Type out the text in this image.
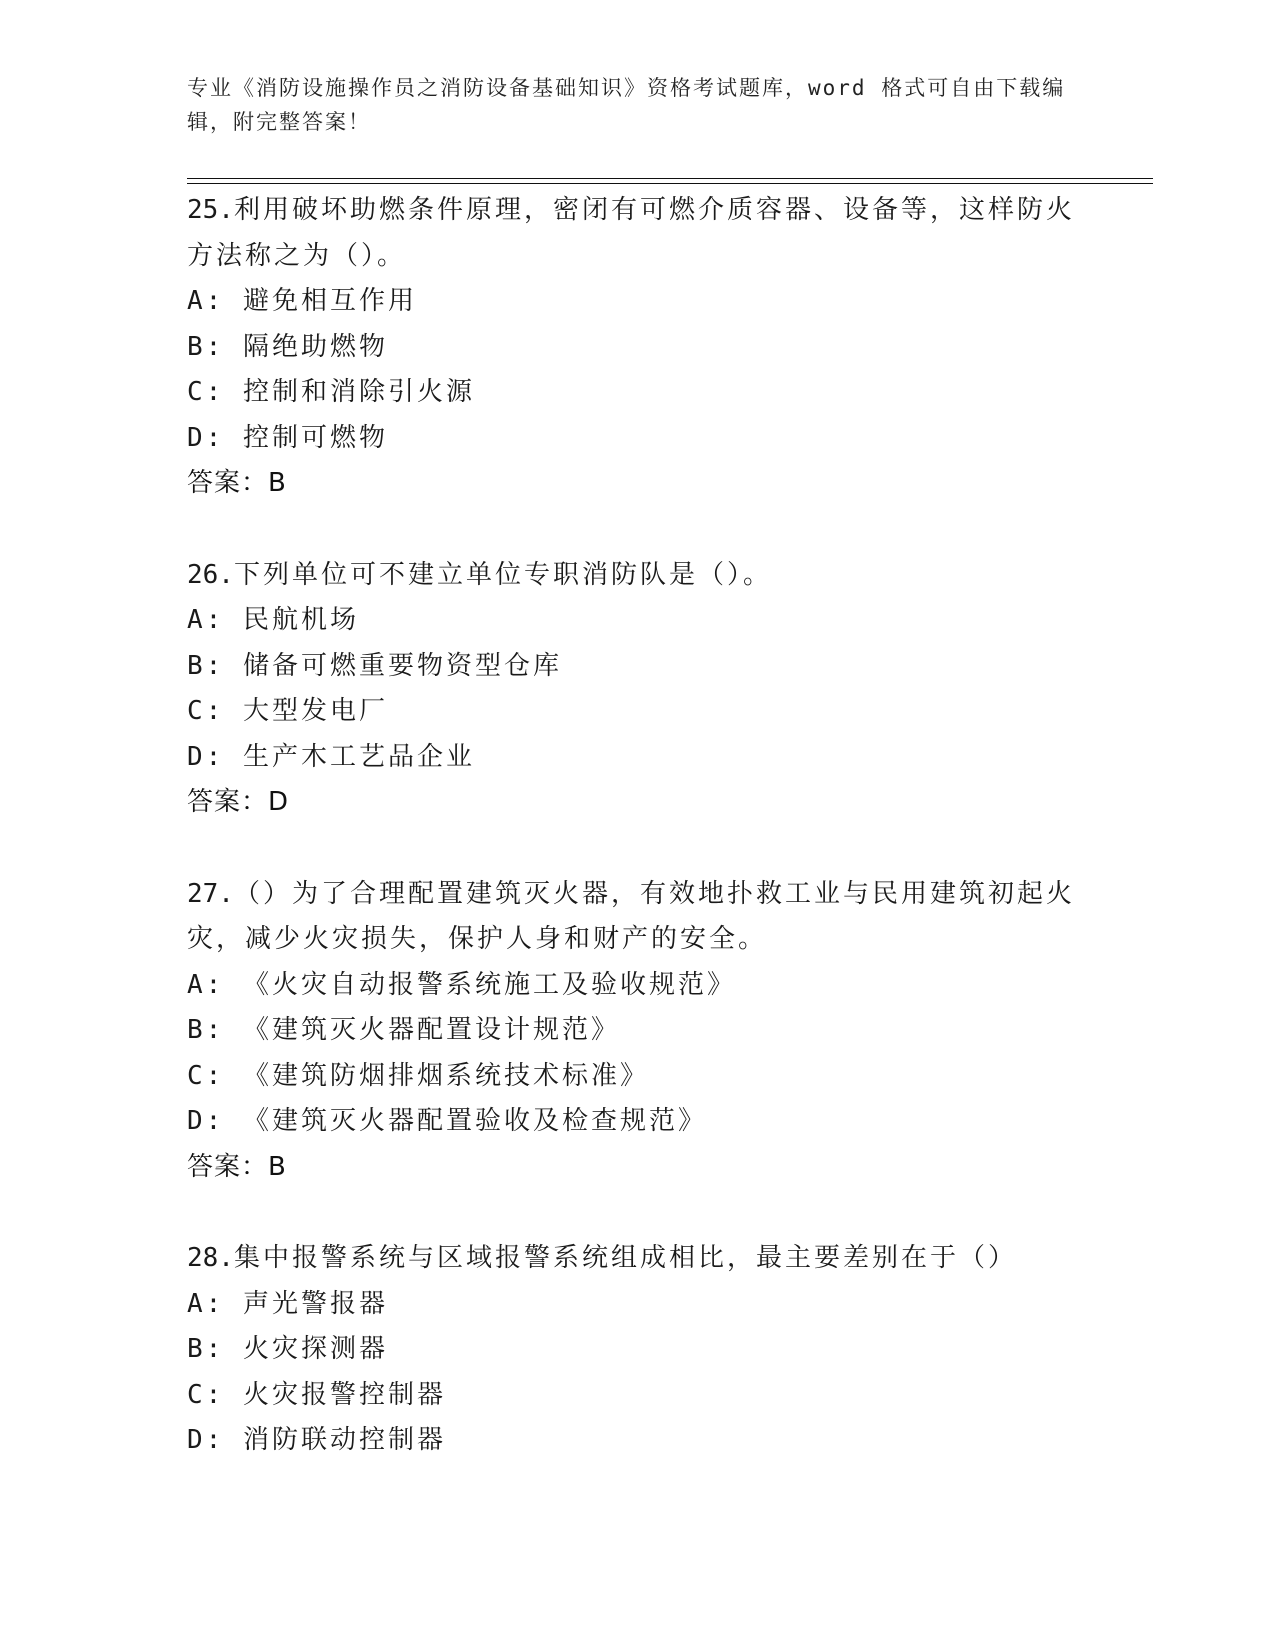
专业《消防设施操作员之消防设备基础知识》资格考试题库，word 格式可自由下载编辑，附完整答案！
25.利用破坏助燃条件原理，密闭有可燃介质容器、设备等，这样防火方法称之为（）。
A: 避免相互作用
B: 隔绝助燃物
C: 控制和消除引火源
D: 控制可燃物
答案：B
26.下列单位可不建立单位专职消防队是（）。
A: 民航机场
B: 储备可燃重要物资型仓库
C: 大型发电厂
D: 生产木工艺品企业
答案：D
27.（）为了合理配置建筑灭火器，有效地扑救工业与民用建筑初起火灾，减少火灾损失，保护人身和财产的安全。
A: 《火灾自动报警系统施工及验收规范》
B: 《建筑灭火器配置设计规范》
C: 《建筑防烟排烟系统技术标准》
D: 《建筑灭火器配置验收及检查规范》
答案：B
28.集中报警系统与区域报警系统组成相比，最主要差别在于（）
A: 声光警报器
B: 火灾探测器
C: 火灾报警控制器
D: 消防联动控制器
